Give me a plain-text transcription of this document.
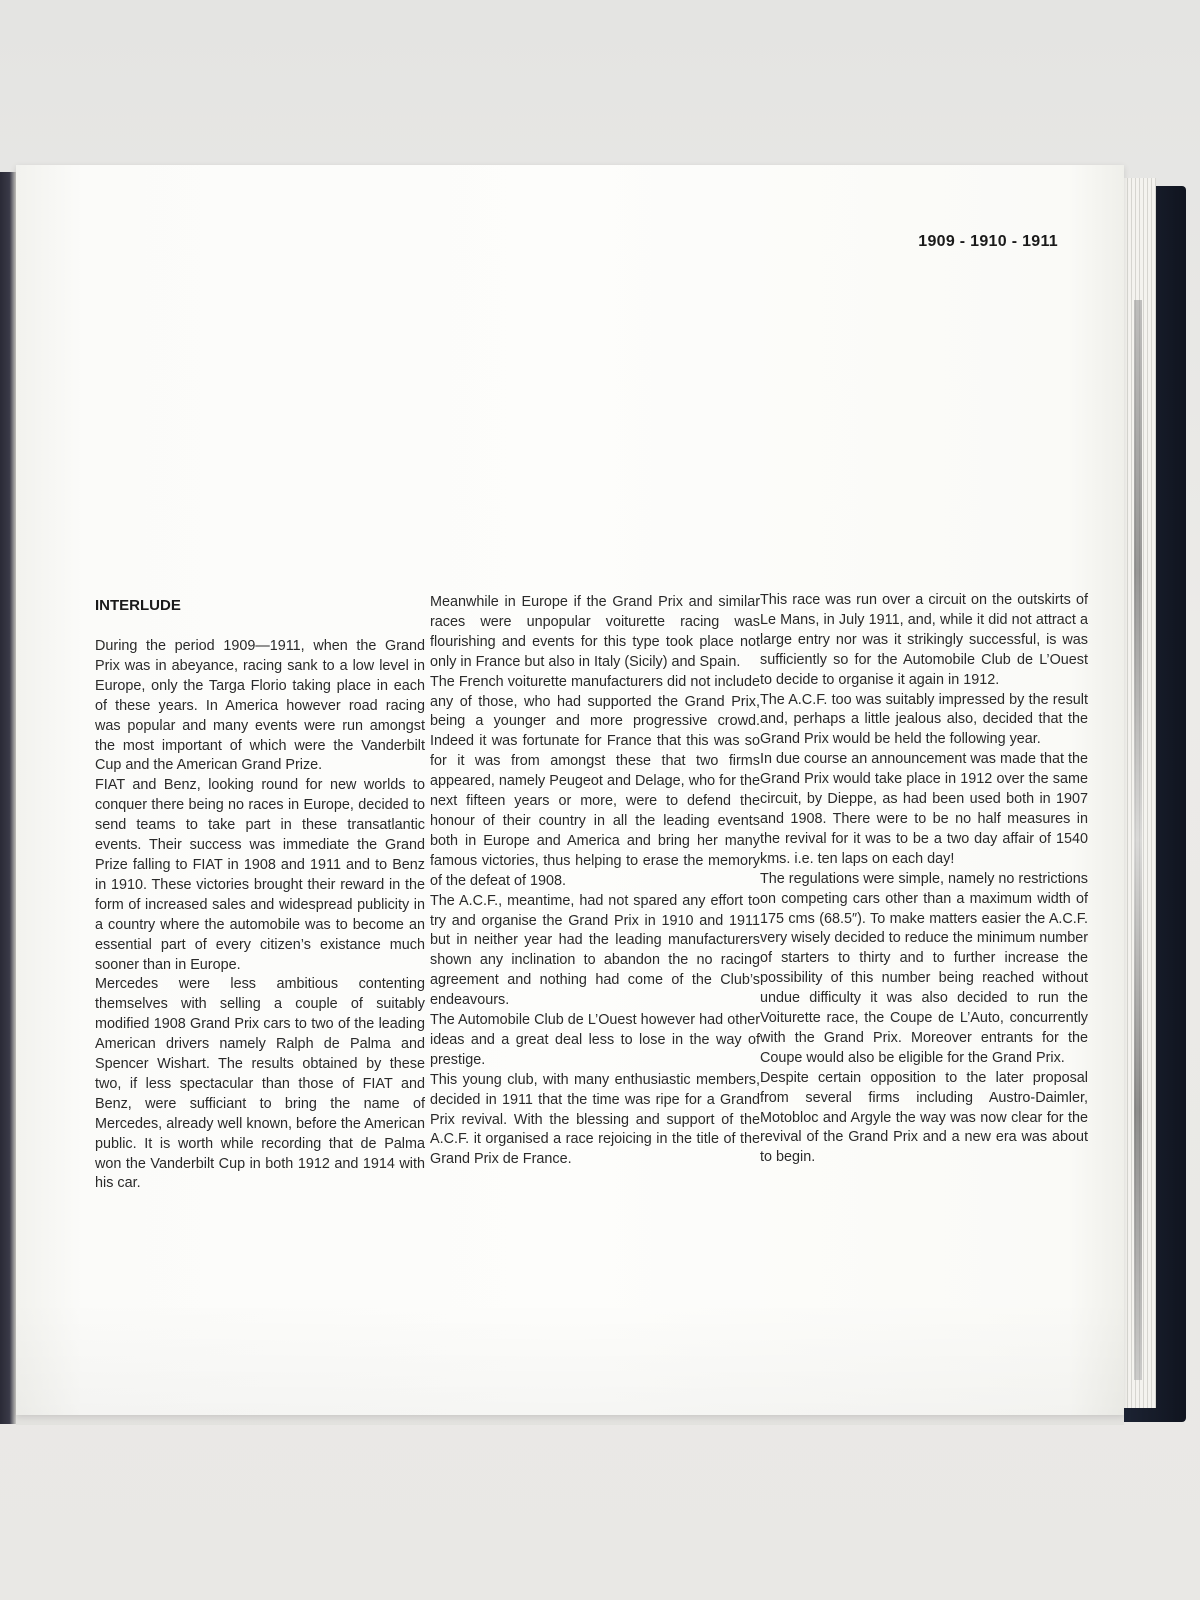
1909 - 1910 - 1911
INTERLUDE

During the period 1909—1911, when the Grand Prix was in abeyance, racing sank to a low level in Europe, only the Targa Florio taking place in each of these years. In America however road racing was popular and many events were run amongst the most important of which were the Vanderbilt Cup and the American Grand Prize.

FIAT and Benz, looking round for new worlds to conquer there being no races in Europe, decided to send teams to take part in these transatlantic events. Their success was immediate the Grand Prize falling to FIAT in 1908 and 1911 and to Benz in 1910. These victories brought their reward in the form of increased sales and widespread publicity in a country where the automobile was to become an essential part of every citizen’s existance much sooner than in Europe.

Mercedes were less ambitious contenting themselves with selling a couple of suitably modified 1908 Grand Prix cars to two of the leading American drivers namely Ralph de Palma and Spencer Wishart. The results obtained by these two, if less spectacular than those of FIAT and Benz, were sufficiant to bring the name of Mercedes, already well known, before the American public. It is worth while recording that de Palma won the Vanderbilt Cup in both 1912 and 1914 with his car.

Meanwhile in Europe if the Grand Prix and similar races were unpopular voiturette racing was flourishing and events for this type took place not only in France but also in Italy (Sicily) and Spain.

The French voiturette manufacturers did not include any of those, who had supported the Grand Prix, being a younger and more progressive crowd. Indeed it was fortunate for France that this was so for it was from amongst these that two firms appeared, namely Peugeot and Delage, who for the next fifteen years or more, were to defend the honour of their country in all the leading events both in Europe and America and bring her many famous victories, thus helping to erase the memory of the defeat of 1908.

The A.C.F., meantime, had not spared any effort to try and organise the Grand Prix in 1910 and 1911 but in neither year had the leading manufacturers shown any inclination to abandon the no racing agreement and nothing had come of the Club’s endeavours.

The Automobile Club de L’Ouest however had other ideas and a great deal less to lose in the way of prestige.

This young club, with many enthusiastic members, decided in 1911 that the time was ripe for a Grand Prix revival. With the blessing and support of the A.C.F. it organised a race rejoicing in the title of the Grand Prix de France.

This race was run over a circuit on the outskirts of Le Mans, in July 1911, and, while it did not attract a large entry nor was it strikingly successful, is was sufficiently so for the Automobile Club de L’Ouest to decide to organise it again in 1912.

The A.C.F. too was suitably impressed by the result and, perhaps a little jealous also, decided that the Grand Prix would be held the following year.

In due course an announcement was made that the Grand Prix would take place in 1912 over the same circuit, by Dieppe, as had been used both in 1907 and 1908. There were to be no half measures in the revival for it was to be a two day affair of 1540 kms. i.e. ten laps on each day!

The regulations were simple, namely no restrictions on competing cars other than a maximum width of 175 cms (68.5″). To make matters easier the A.C.F. very wisely decided to reduce the minimum number of starters to thirty and to further increase the possibility of this number being reached without undue difficulty it was also decided to run the Voiturette race, the Coupe de L’Auto, concurrently with the Grand Prix. Moreover entrants for the Coupe would also be eligible for the Grand Prix.

Despite certain opposition to the later proposal from several firms including Austro-Daimler, Motobloc and Argyle the way was now clear for the revival of the Grand Prix and a new era was about to begin.
